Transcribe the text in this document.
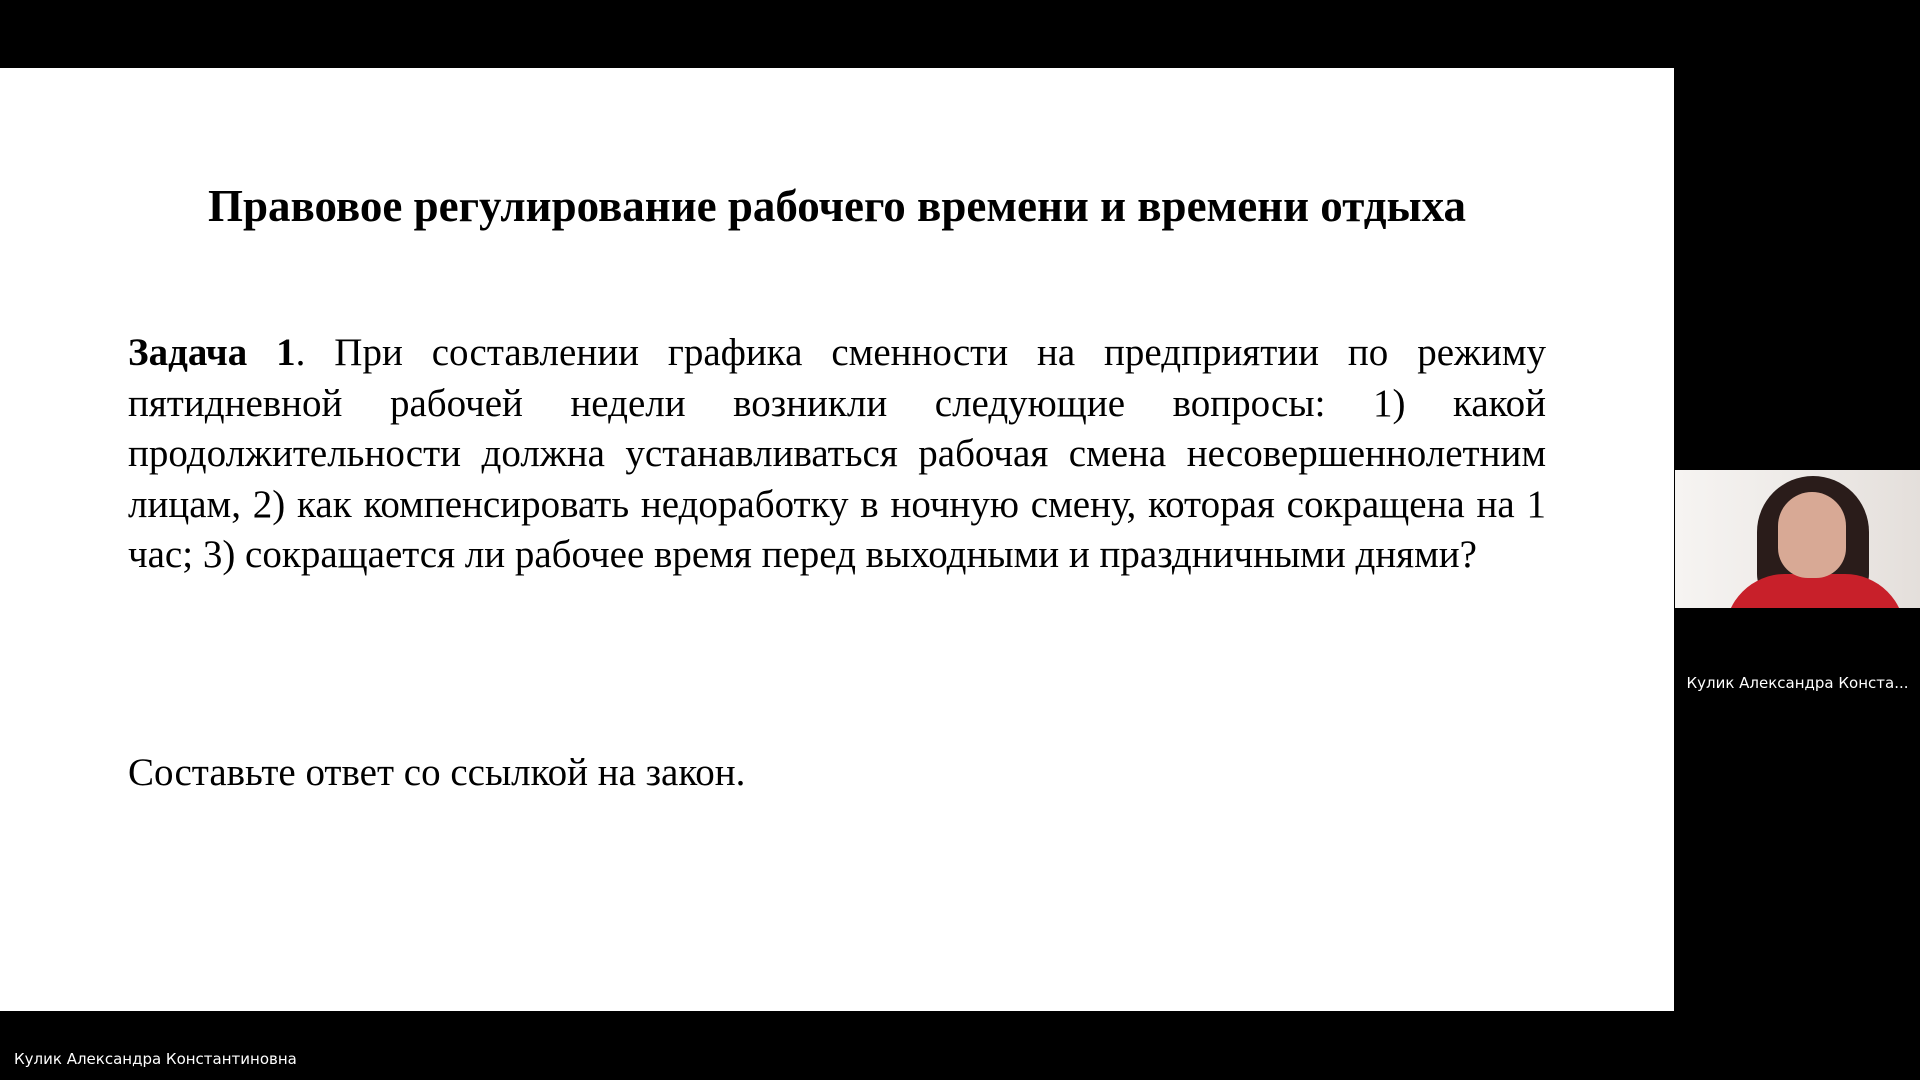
Правовое регулирование рабочего времени и времени отдыха

Задача 1. При составлении графика сменности на предприятии по режиму пятидневной рабочей недели возникли следующие вопросы: 1) какой продолжительности должна устанавливаться рабочая смена несовершеннолетним лицам, 2) как компенсировать недоработку в ночную смену, которая сокращена на 1 час; 3) сокращается ли рабочее время перед выходными и праздничными днями?

Составьте ответ со ссылкой на закон.

Кулик Александра Константиновна
Кулик Александра Конста...
